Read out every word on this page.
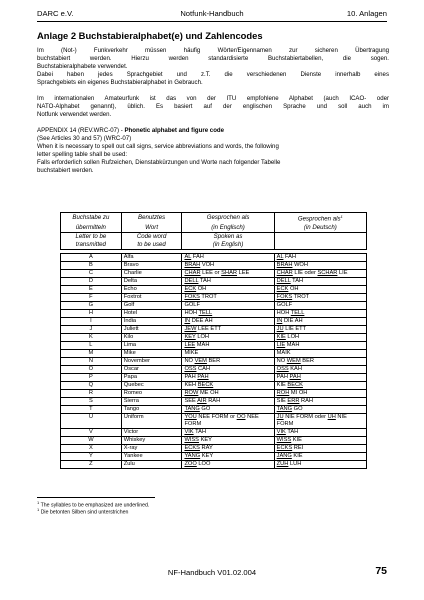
DARC e.V.	Notfunk-Handbuch	10. Anlagen
Anlage 2 Buchstabieralphabet(e) und Zahlencodes
Im (Not-) Funkverkehr müssen häufig Wörter/Eigennamen zur sicheren Übertragung
buchstabiert werden. Hierzu werden standardisierte Buchstabiertabellen, die sogen.
Buchstabieralphabete verwendet.
Dabei haben jedes Sprachgebiet und z.T. die verschiedenen Dienste innerhalb eines
Sprachgebiets ein eigenes Buchstabieralphabet in Gebrauch.
Im internationalen Amateurfunk ist das von der ITU empfohlene Alphabet (auch ICAO- oder
NATO-Alphabet genannt), üblich. Es basiert auf der englischen Sprache und soll auch im
Notfunk verwendet werden.
APPENDIX 14 (REV.WRC-07) - Phonetic alphabet and figure code
(See Articles 30 and 57) (WRC-07)
When it is necessary to spell out call signs, service abbreviations and words, the following
letter spelling table shall be used:
Falls erforderlich sollen Rufzeichen, Dienstabkürzungen und Worte nach folgender Tabelle
buchstabiert werden.
Buchstabe zu	Benutztes	Gesprochen als	Gesprochen als$^1$
übermitteln	Wort	(in Englisch)	(in Deutsch)
Letter to be	Code word	Spoken as	
transmitted	to be used	(in English)	

A	Alfa	AL FAH	AL FAH
B	Bravo	BRAH VOH	BRAH WOH
C	Charlie	CHAR LEE or SHAR LEE	CHAR LIE oder SCHAR LIE
D	Delta	DELL TAH	DELL TAH
E	Echo	ECK OH	ECK OH
F	Foxtrot	FOKS TROT	FOKS TROT
G	Golf	GOLF	GOLF
H	Hotel	HOH TELL	HOH TELL
I	India	IN DEE AH	IN DIE AH
J	Juliett	JEW LEE ETT	JU LIE ETT
K	Kilo	KEY LOH	KIE LOH
L	Lima	LEE MAH	LIE MAH
M	Mike	MIKE	MAIK
N	November	NO VEM BER	NO WEM BER
O	Oscar	OSS CAH	OSS KAH
P	Papa	PAH PAH	PAH PAH
Q	Quebec	KEH BECK	KIE BECK
R	Romeo	ROW ME OH	ROH MI OH
S	Sierra	SEE AIR RAH	SIE ERR RAH
T	Tango	TANG GO	TANG GO
U	Uniform	YOU NEE FORM or OO NEE FORM	JU NIE FORM oder UH NIE FORM
V	Victor	VIK TAH	VIK TAH
W	Whiskey	WISS KEY	WISS KIE
X	X-ray	ECKS RAY	ECKS REI
Y	Yankee	YANG KEY	JANG KIE
Z	Zulu	ZOO LOO	ZUH LUH
$^1$ The syllables to be emphasized are underlined.
$^1$ Die betonten Silben sind unterstrichen
NF-Handbuch V01.02.004	75
